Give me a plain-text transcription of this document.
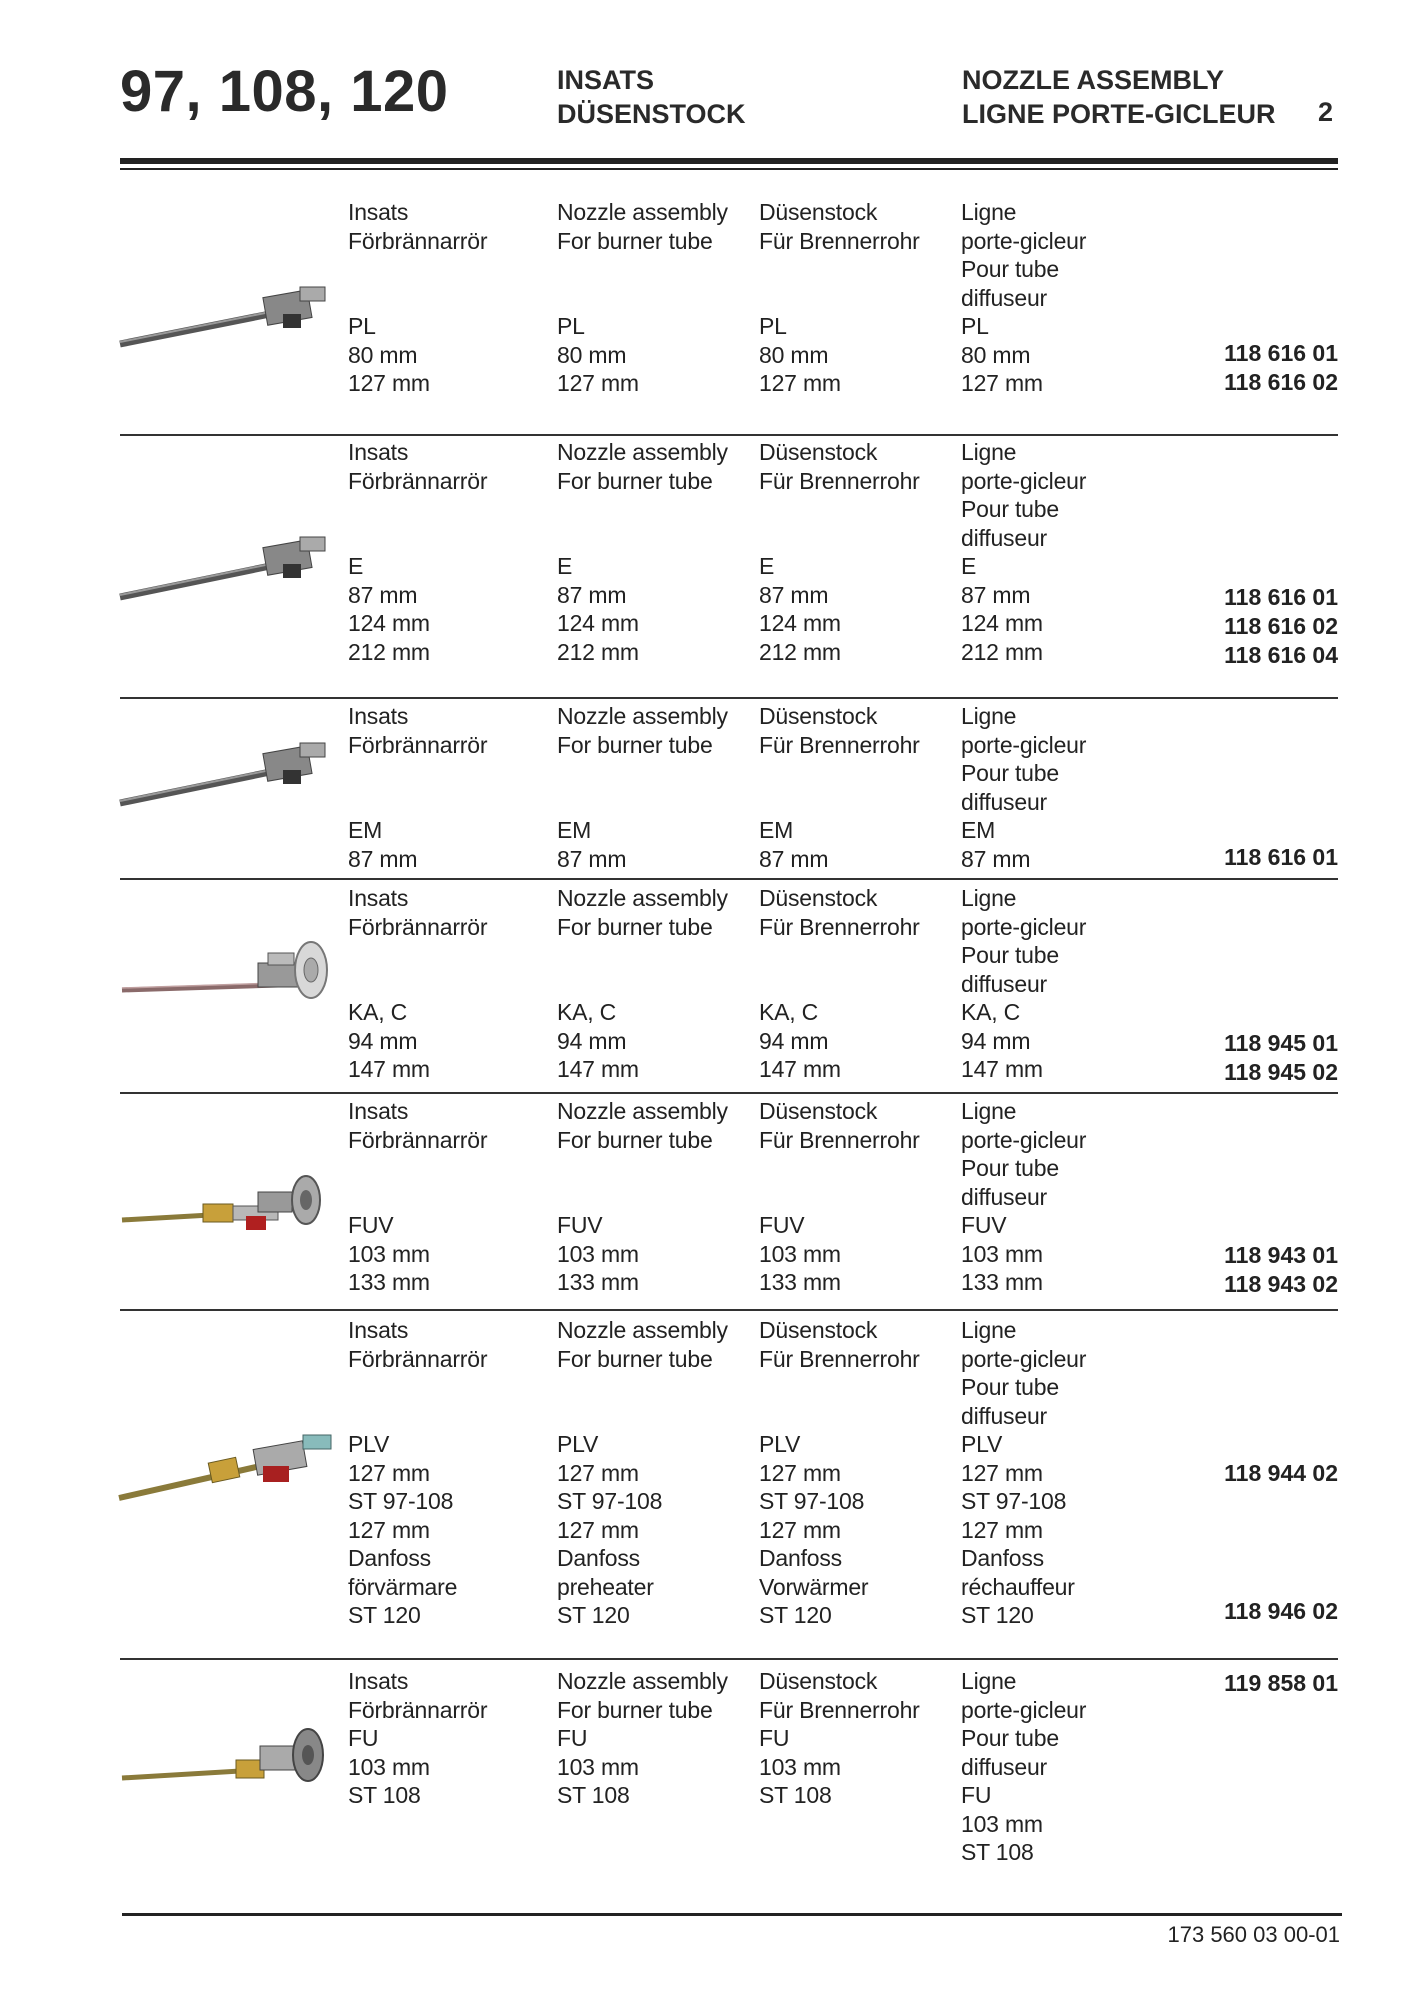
97, 108, 120	INSATS
DÜSENSTOCK
NOZZLE ASSEMBLY
LIGNE PORTE-GICLEUR 2
Insats
Förbrännarrör

PL
80 mm
127 mm
Nozzle assembly
For burner tube

PL
80 mm
127 mm
Düsenstock
Für Brennerrohr

PL
80 mm
127 mm
Ligne
porte-gicleur
Pour tube
diffuseur
PL
80 mm
127 mm
118 616 01
118 616 02
Insats
Förbrännarrör

E
87 mm
124 mm
212 mm
Nozzle assembly
For burner tube

E
87 mm
124 mm
212 mm
Düsenstock
Für Brennerrohr

E
87 mm
124 mm
212 mm
Ligne
porte-gicleur
Pour tube
diffuseur
E
87 mm
124 mm
212 mm
118 616 01
118 616 02
118 616 04
Insats
Förbrännarrör

EM
87 mm
Nozzle assembly
For burner tube

EM
87 mm
Düsenstock
Für Brennerrohr

EM
87 mm
Ligne
porte-gicleur
Pour tube
diffuseur
EM
87 mm	118 616 01
Insats
Förbrännarrör

KA, C
94 mm
147 mm
Nozzle assembly
For burner tube

KA, C
94 mm
147 mm
Düsenstock
Für Brennerrohr

KA, C
94 mm
147 mm
Ligne
porte-gicleur
Pour tube
diffuseur
KA, C
94 mm
147 mm
118 945 01
118 945 02
Insats
Förbrännarrör

FUV
103 mm
133 mm
Nozzle assembly
For burner tube

FUV
103 mm
133 mm
Düsenstock
Für Brennerrohr

FUV
103 mm
133 mm
Ligne
porte-gicleur
Pour tube
diffuseur
FUV
103 mm
133 mm
118 943 01
118 943 02
Insats
Förbrännarrör

PLV
127 mm
ST 97-108
127 mm
Danfoss
förvärmare
ST 120
Nozzle assembly
For burner tube

PLV
127 mm
ST 97-108
127 mm
Danfoss
preheater
ST 120
Düsenstock
Für Brennerrohr

PLV
127 mm
ST 97-108
127 mm
Danfoss
Vorwärmer
ST 120
Ligne
porte-gicleur
Pour tube
diffuseur
PLV
127 mm
ST 97-108
127 mm
Danfoss
réchauffeur
ST 120
118 944 02
118 946 02
Insats
Förbrännarrör
FU
103 mm
ST 108
Nozzle assembly
For burner tube
FU
103 mm
ST 108
Düsenstock
Für Brennerrohr
FU
103 mm
ST 108
Ligne
porte-gicleur
Pour tube
diffuseur
FU
103 mm
ST 108
119 858 01
173 560 03 00-01
